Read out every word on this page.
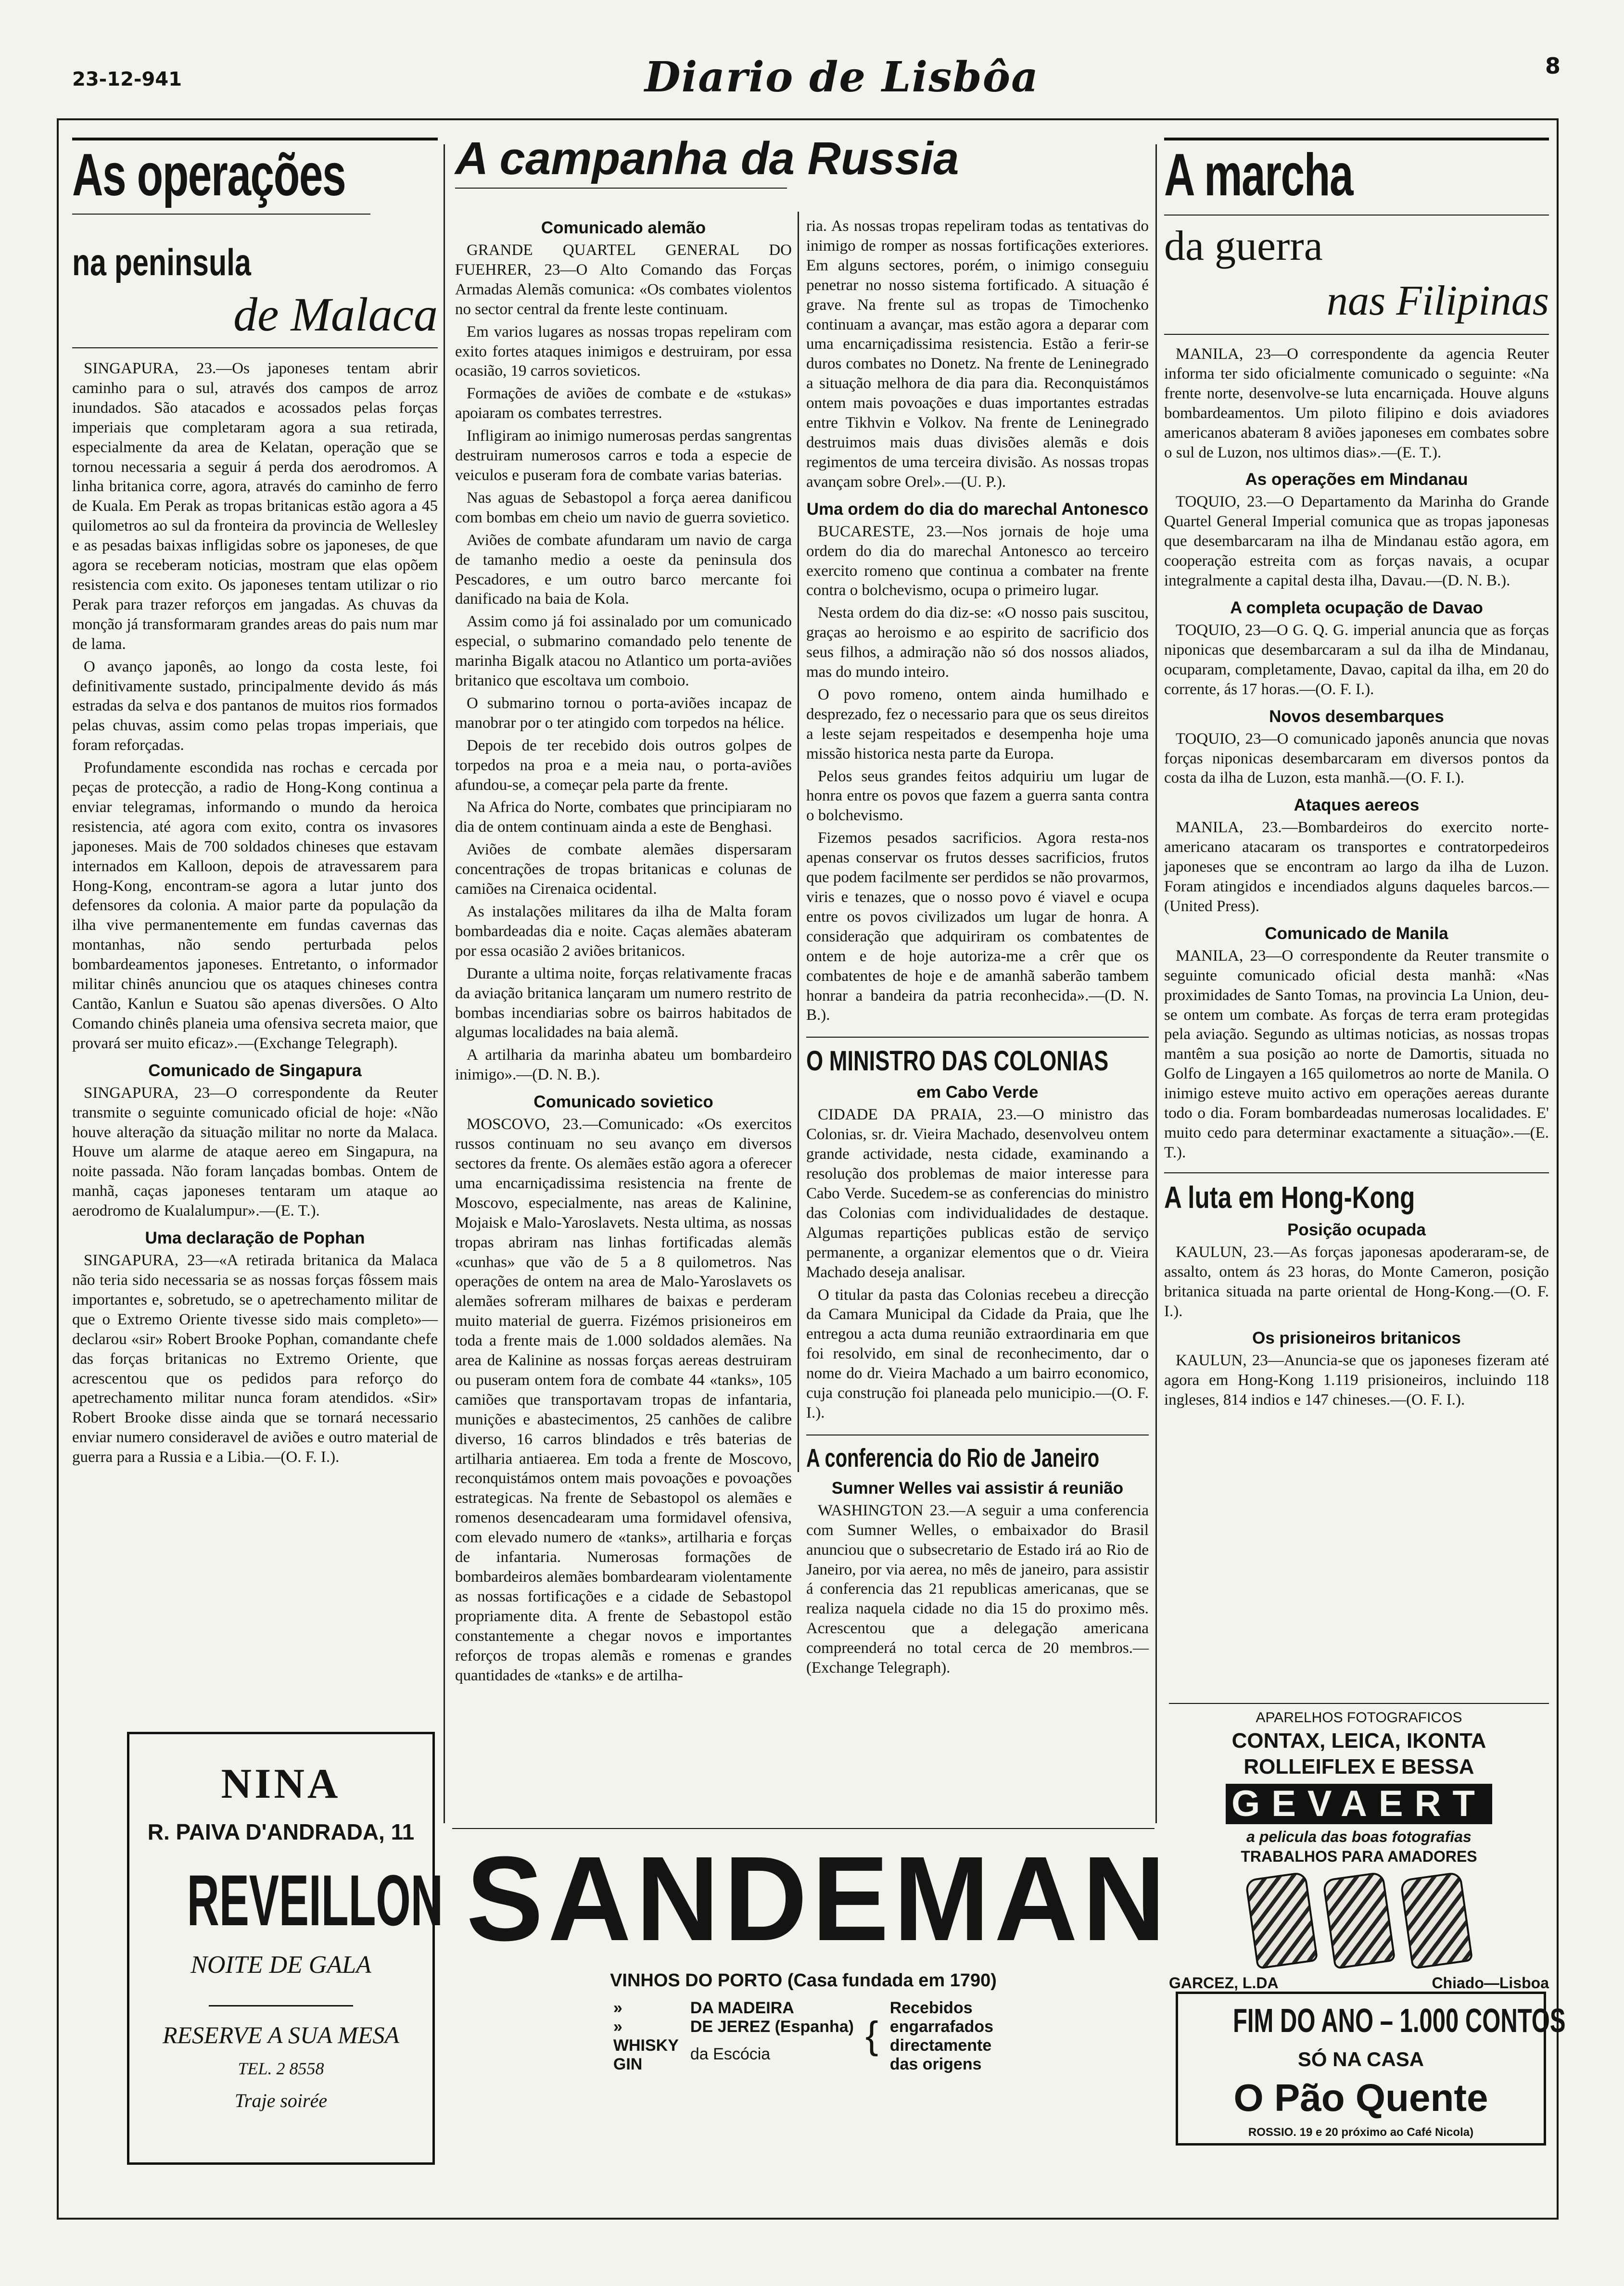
23-12-941	Diario de Lisbôa	8
As operações
na peninsula
de Malaca

SINGAPURA, 23.—Os japoneses tentam abrir caminho para o sul, através dos campos de arroz inundados. São atacados e acossados pelas forças imperiais que completaram agora a sua retirada, especialmente da area de Kelatan, operação que se tornou necessaria a seguir á perda dos aerodromos. A linha britanica corre, agora, através do caminho de ferro de Kuala. Em Perak as tropas britanicas estão agora a 45 quilometros ao sul da fronteira da provincia de Wellesley e as pesadas baixas infligidas sobre os japoneses, de que agora se receberam noticias, mostram que elas opõem resistencia com exito. Os japoneses tentam utilizar o rio Perak para trazer reforços em jangadas. As chuvas da monção já transformaram grandes areas do pais num mar de lama.

O avanço japonês, ao longo da costa leste, foi definitivamente sustado, principalmente devido ás más estradas da selva e dos pantanos de muitos rios formados pelas chuvas, assim como pelas tropas imperiais, que foram reforçadas.

Profundamente escondida nas rochas e cercada por peças de protecção, a radio de Hong-Kong continua a enviar telegramas, informando o mundo da heroica resistencia, até agora com exito, contra os invasores japoneses. Mais de 700 soldados chineses que estavam internados em Kalloon, depois de atravessarem para Hong-Kong, encontram-se agora a lutar junto dos defensores da colonia. A maior parte da população da ilha vive permanentemente em fundas cavernas das montanhas, não sendo perturbada pelos bombardeamentos japoneses. Entretanto, o informador militar chinês anunciou que os ataques chineses contra Cantão, Kanlun e Suatou são apenas diversões. O Alto Comando chinês planeia uma ofensiva secreta maior, que provará ser muito eficaz».—(Exchange Telegraph).

Comunicado de Singapura

SINGAPURA, 23—O correspondente da Reuter transmite o seguinte comunicado oficial de hoje: «Não houve alteração da situação militar no norte da Malaca. Houve um alarme de ataque aereo em Singapura, na noite passada. Não foram lançadas bombas. Ontem de manhã, caças japoneses tentaram um ataque ao aerodromo de Kualalumpur».—(E. T.).

Uma declaração de Pophan

SINGAPURA, 23—«A retirada britanica da Malaca não teria sido necessaria se as nossas forças fôssem mais importantes e, sobretudo, se o apetrechamento militar de que o Extremo Oriente tivesse sido mais completo»—declarou «sir» Robert Brooke Pophan, comandante chefe das forças britanicas no Extremo Oriente, que acrescentou que os pedidos para reforço do apetrechamento militar nunca foram atendidos. «Sir» Robert Brooke disse ainda que se tornará necessario enviar numero consideravel de aviões e outro material de guerra para a Russia e a Libia.—(O. F. I.).

NINA
R. PAIVA D'ANDRADA, 11
REVEILLON
NOITE DE GALA
RESERVE A SUA MESA
TEL. 2 8558
Traje soirée
A campanha da Russia
Comunicado alemão

GRANDE QUARTEL GENERAL DO FUEHRER, 23—O Alto Comando das Forças Armadas Alemãs comunica: «Os combates violentos no sector central da frente leste continuam.

Em varios lugares as nossas tropas repeliram com exito fortes ataques inimigos e destruiram, por essa ocasião, 19 carros sovieticos.

Formações de aviões de combate e de «stukas» apoiaram os combates terrestres.

Infligiram ao inimigo numerosas perdas sangrentas destruiram numerosos carros e toda a especie de veiculos e puseram fora de combate varias baterias.

Nas aguas de Sebastopol a força aerea danificou com bombas em cheio um navio de guerra sovietico.

Aviões de combate afundaram um navio de carga de tamanho medio a oeste da peninsula dos Pescadores, e um outro barco mercante foi danificado na baia de Kola.

Assim como já foi assinalado por um comunicado especial, o submarino comandado pelo tenente de marinha Bigalk atacou no Atlantico um porta-aviões britanico que escoltava um comboio.

O submarino tornou o porta-aviões incapaz de manobrar por o ter atingido com torpedos na hélice.

Depois de ter recebido dois outros golpes de torpedos na proa e a meia nau, o porta-aviões afundou-se, a começar pela parte da frente.

Na Africa do Norte, combates que principiaram no dia de ontem continuam ainda a este de Benghasi.

Aviões de combate alemães dispersaram concentrações de tropas britanicas e colunas de camiões na Cirenaica ocidental.

As instalações militares da ilha de Malta foram bombardeadas dia e noite. Caças alemães abateram por essa ocasião 2 aviões britanicos.

Durante a ultima noite, forças relativamente fracas da aviação britanica lançaram um numero restrito de bombas incendiarias sobre os bairros habitados de algumas localidades na baia alemã.

A artilharia da marinha abateu um bombardeiro inimigo».—(D. N. B.).

Comunicado sovietico

MOSCOVO, 23.—Comunicado: «Os exercitos russos continuam no seu avanço em diversos sectores da frente. Os alemães estão agora a oferecer uma encarniçadissima resistencia na frente de Moscovo, especialmente, nas areas de Kalinine, Mojaisk e Malo-Yaroslavets. Nesta ultima, as nossas tropas abriram nas linhas fortificadas alemãs «cunhas» que vão de 5 a 8 quilometros. Nas operações de ontem na area de Malo-Yaroslavets os alemães sofreram milhares de baixas e perderam muito material de guerra. Fizémos prisioneiros em toda a frente mais de 1.000 soldados alemães. Na area de Kalinine as nossas forças aereas destruiram ou puseram ontem fora de combate 44 «tanks», 105 camiões que transportavam tropas de infantaria, munições e abastecimentos, 25 canhões de calibre diverso, 16 carros blindados e três baterias de artilharia antiaerea. Em toda a frente de Moscovo, reconquistámos ontem mais povoações e povoações estrategicas. Na frente de Sebastopol os alemães e romenos desencadearam uma formidavel ofensiva, com elevado numero de «tanks», artilharia e forças de infantaria. Numerosas formações de bombardeiros alemães bombardearam violentamente as nossas fortificações e a cidade de Sebastopol propriamente dita. A frente de Sebastopol estão constantemente a chegar novos e importantes reforços de tropas alemãs e romenas e grandes quantidades de «tanks» e de artilha-

ria. As nossas tropas repeliram todas as tentativas do inimigo de romper as nossas fortificações exteriores. Em alguns sectores, porém, o inimigo conseguiu penetrar no nosso sistema fortificado. A situação é grave. Na frente sul as tropas de Timochenko continuam a avançar, mas estão agora a deparar com uma encarniçadissima resistencia. Estão a ferir-se duros combates no Donetz. Na frente de Leninegrado a situação melhora de dia para dia. Reconquistámos ontem mais povoações e duas importantes estradas entre Tikhvin e Volkov. Na frente de Leninegrado destruimos mais duas divisões alemãs e dois regimentos de uma terceira divisão. As nossas tropas avançam sobre Orel».—(U. P.).

Uma ordem do dia do marechal Antonesco

BUCARESTE, 23.—Nos jornais de hoje uma ordem do dia do marechal Antonesco ao terceiro exercito romeno que continua a combater na frente contra o bolchevismo, ocupa o primeiro lugar.

Nesta ordem do dia diz-se: «O nosso pais suscitou, graças ao heroismo e ao espirito de sacrificio dos seus filhos, a admiração não só dos nossos aliados, mas do mundo inteiro.

O povo romeno, ontem ainda humilhado e desprezado, fez o necessario para que os seus direitos a leste sejam respeitados e desempenha hoje uma missão historica nesta parte da Europa.

Pelos seus grandes feitos adquiriu um lugar de honra entre os povos que fazem a guerra santa contra o bolchevismo.

Fizemos pesados sacrificios. Agora resta-nos apenas conservar os frutos desses sacrificios, frutos que podem facilmente ser perdidos se não provarmos, viris e tenazes, que o nosso povo é viavel e ocupa entre os povos civilizados um lugar de honra. A consideração que adquiriram os combatentes de ontem e de hoje autoriza-me a crêr que os combatentes de hoje e de amanhã saberão tambem honrar a bandeira da patria reconhecida».—(D. N. B.).

O MINISTRO DAS COLONIAS
em Cabo Verde

CIDADE DA PRAIA, 23.—O ministro das Colonias, sr. dr. Vieira Machado, desenvolveu ontem grande actividade, nesta cidade, examinando a resolução dos problemas de maior interesse para Cabo Verde. Sucedem-se as conferencias do ministro das Colonias com individualidades de destaque. Algumas repartições publicas estão de serviço permanente, a organizar elementos que o dr. Vieira Machado deseja analisar.

O titular da pasta das Colonias recebeu a direcção da Camara Municipal da Cidade da Praia, que lhe entregou a acta duma reunião extraordinaria em que foi resolvido, em sinal de reconhecimento, dar o nome do dr. Vieira Machado a um bairro economico, cuja construção foi planeada pelo municipio.—(O. F. I.).

A conferencia do Rio de Janeiro
Sumner Welles vai assistir á reunião

WASHINGTON 23.—A seguir a uma conferencia com Sumner Welles, o embaixador do Brasil anunciou que o subsecretario de Estado irá ao Rio de Janeiro, por via aerea, no mês de janeiro, para assistir á conferencia das 21 republicas americanas, que se realiza naquela cidade no dia 15 do proximo mês. Acrescentou que a delegação americana compreenderá no total cerca de 20 membros.—(Exchange Telegraph).

A marcha
da guerra
nas Filipinas

MANILA, 23—O correspondente da agencia Reuter informa ter sido oficialmente comunicado o seguinte: «Na frente norte, desenvolve-se luta encarniçada. Houve alguns bombardeamentos. Um piloto filipino e dois aviadores americanos abateram 8 aviões japoneses em combates sobre o sul de Luzon, nos ultimos dias».—(E. T.).

As operações em Mindanau

TOQUIO, 23.—O Departamento da Marinha do Grande Quartel General Imperial comunica que as tropas japonesas que desembarcaram na ilha de Mindanau estão agora, em cooperação estreita com as forças navais, a ocupar integralmente a capital desta ilha, Davau.—(D. N. B.).

A completa ocupação de Davao

TOQUIO, 23—O G. Q. G. imperial anuncia que as forças niponicas que desembarcaram a sul da ilha de Mindanau, ocuparam, completamente, Davao, capital da ilha, em 20 do corrente, ás 17 horas.—(O. F. I.).

Novos desembarques

TOQUIO, 23—O comunicado japonês anuncia que novas forças niponicas desembarcaram em diversos pontos da costa da ilha de Luzon, esta manhã.—(O. F. I.).

Ataques aereos

MANILA, 23.—Bombardeiros do exercito norte-americano atacaram os transportes e contratorpedeiros japoneses que se encontram ao largo da ilha de Luzon. Foram atingidos e incendiados alguns daqueles barcos.—(United Press).

Comunicado de Manila

MANILA, 23—O correspondente da Reuter transmite o seguinte comunicado oficial desta manhã: «Nas proximidades de Santo Tomas, na provincia La Union, deu-se ontem um combate. As forças de terra eram protegidas pela aviação. Segundo as ultimas noticias, as nossas tropas mantêm a sua posição ao norte de Damortis, situada no Golfo de Lingayen a 165 quilometros ao norte de Manila. O inimigo esteve muito activo em operações aereas durante todo o dia. Foram bombardeadas numerosas localidades. E' muito cedo para determinar exactamente a situação».—(E. T.).

A luta em Hong-Kong
Posição ocupada

KAULUN, 23.—As forças japonesas apoderaram-se, de assalto, ontem ás 23 horas, do Monte Cameron, posição britanica situada na parte oriental de Hong-Kong.—(O. F. I.).

Os prisioneiros britanicos

KAULUN, 23—Anuncia-se que os japoneses fizeram até agora em Hong-Kong 1.119 prisioneiros, incluindo 118 ingleses, 814 indios e 147 chineses.—(O. F. I.).

APARELHOS FOTOGRAFICOS
CONTAX, LEICA, IKONTA
ROLLEIFLEX E BESSA
GEVAERT
a pelicula das boas fotografias
TRABALHOS PARA AMADORES

GARCEZ, L.DA	Chiado—Lisboa
SANDEMAN
VINHOS DO PORTO (Casa fundada em 1790)
»
»
WHISKY
GIN
DA MADEIRA
DE JEREZ (Espanha)
da Escócia	{
Recebidos
engarrafados
directamente
das origens
FIM DO ANO – 1.000 CONTOS
SÓ NA CASA
O Pão Quente
ROSSIO. 19 e 20 próximo ao Café Nicola)
